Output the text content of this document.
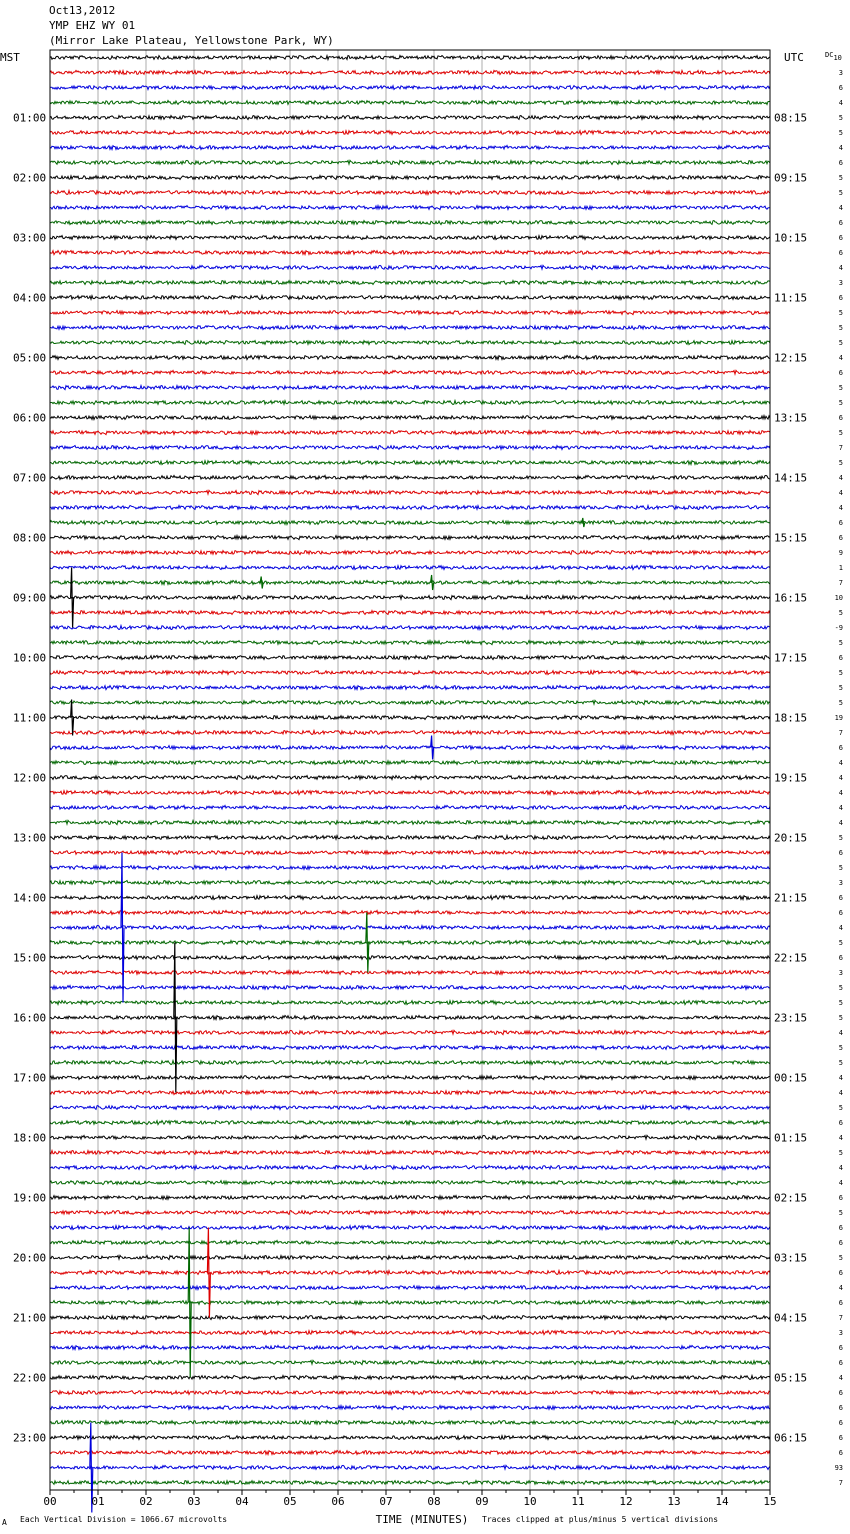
Oct13,2012
YMP EHZ WY 01
(Mirror Lake Plateau, Yellowstone Park, WY)
MST	UTC	DC10
01:00
02:00
03:00
04:00
05:00
06:00
07:00
08:00
09:00
10:00
11:00
12:00
13:00
14:00
15:00
16:00
17:00
18:00
19:00
20:00
21:00
22:00
23:00
08:15
09:15
10:15
11:15
12:15
13:15
14:15
15:15
16:15
17:15
18:15
19:15
20:15
21:15
22:15
23:15
00:15
01:15
02:15
03:15
04:15
05:15
06:15
3
6
4
5
5
4
6
5
5
4
6
6
6
4
3
6
5
5
5
4
6
5
5
6
5
7
5
4
4
4
6
6
9
1
7
10
5
-9
5
6
5
5
5
19
7
6
4
4
4
4
4
5
6
5
3
6
6
4
5
6
3
5
5
5
4
5
5
4
4
5
6
4
5
4
4
6
5
6
6
5
6
4
6
7
3
6
6
4
6
6
6
6
6
93
7
00	01	02	03	04	05	06	07	08	09	10	11	12	13	14	15
TIME (MINUTES)
A Each Vertical Division = 1066.67 microvolts	Traces clipped at plus/minus 5 vertical divisions
